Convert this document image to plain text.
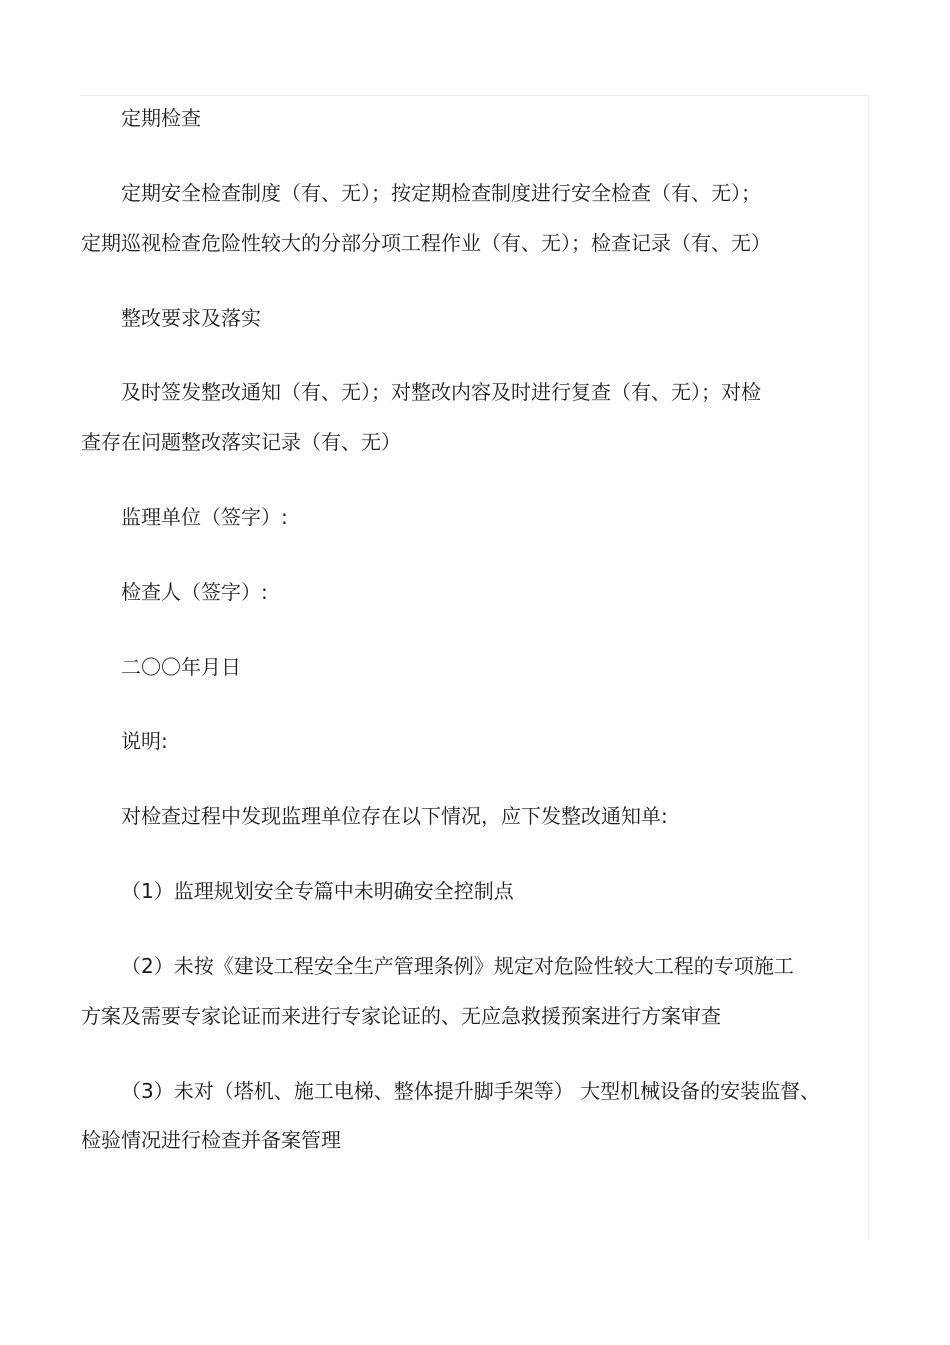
定期检查
定期安全检查制度（有、无）；按定期检查制度进行安全检查（有、无）；
定期巡视检查危险性较大的分部分项工程作业（有、无）；检查记录（有、无）
整改要求及落实
及时签发整改通知（有、无）；对整改内容及时进行复查（有、无）；对检
查存在问题整改落实记录（有、无）
监理单位（签字）:
检查人（签字）:
二〇〇年月日
说明:
对检查过程中发现监理单位存在以下情况，应下发整改通知单:
（1）监理规划安全专篇中未明确安全控制点
（2）未按《建设工程安全生产管理条例》规定对危险性较大工程的专项施工
方案及需要专家论证而来进行专家论证的、无应急救援预案进行方案审查
（3）未对（塔机、施工电梯、整体提升脚手架等） 大型机械设备的安装监督、
检验情况进行检查并备案管理
